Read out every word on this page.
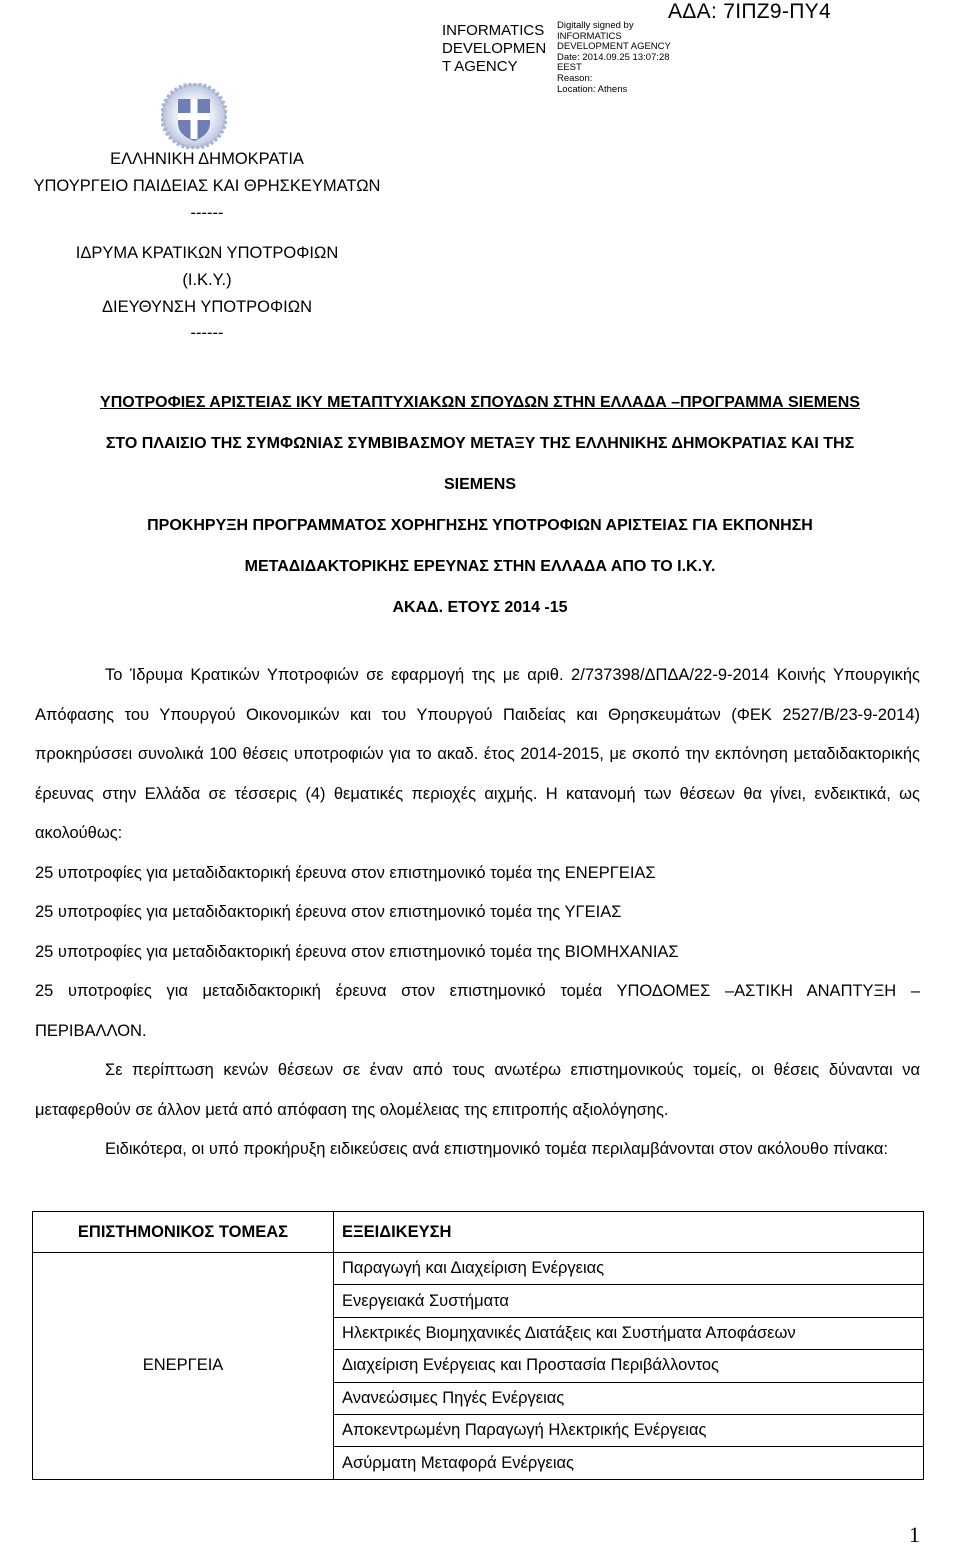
INFORMATICS
DEVELOPMEN
T AGENCY
Digitally signed by
INFORMATICS
DEVELOPMENT AGENCY
Date: 2014.09.25 13:07:28
EEST
Reason:
Location: Athens
ΑΔΑ: 7ΙΠΖ9-ΠΥ4
ΕΛΛΗΝΙΚΗ ΔΗΜΟΚΡΑΤΙΑ
ΥΠΟΥΡΓΕΙΟ ΠΑΙΔΕΙΑΣ ΚΑΙ ΘΡΗΣΚΕΥΜΑΤΩΝ
------
ΙΔΡΥΜΑ ΚΡΑΤΙΚΩΝ ΥΠΟΤΡΟΦΙΩΝ
(Ι.Κ.Υ.)
ΔΙΕΥΘΥΝΣΗ ΥΠΟΤΡΟΦΙΩΝ
------
ΥΠΟΤΡΟΦΙΕΣ ΑΡΙΣΤΕΙΑΣ ΙΚΥ ΜΕΤΑΠΤΥΧΙΑΚΩΝ ΣΠΟΥΔΩΝ ΣΤΗΝ ΕΛΛΑΔΑ –ΠΡΟΓΡΑΜΜΑ SIEMENS
ΣΤΟ ΠΛΑΙΣΙΟ ΤΗΣ ΣΥΜΦΩΝΙΑΣ ΣΥΜΒΙΒΑΣΜΟΥ ΜΕΤΑΞΥ ΤΗΣ ΕΛΛΗΝΙΚΗΣ ΔΗΜΟΚΡΑΤΙΑΣ ΚΑΙ ΤΗΣ
SIEMENS
ΠΡΟΚΗΡΥΞΗ ΠΡΟΓΡΑΜΜΑΤΟΣ ΧΟΡΗΓΗΣΗΣ ΥΠΟΤΡΟΦΙΩΝ ΑΡΙΣΤΕΙΑΣ ΓΙΑ ΕΚΠΟΝΗΣΗ
ΜΕΤΑΔΙΔΑΚΤΟΡΙΚΗΣ ΕΡΕΥΝΑΣ ΣΤΗΝ ΕΛΛΑΔΑ ΑΠΟ ΤΟ Ι.Κ.Υ.
ΑΚΑΔ. ΕΤΟΥΣ 2014 -15

Το Ίδρυμα Κρατικών Υποτροφιών σε εφαρμογή της με αριθ. 2/737398/ΔΠΔΑ/22-9-2014 Κοινής Υπουργικής Απόφασης του Υπουργού Οικονομικών και του Υπουργού Παιδείας και Θρησκευμάτων (ΦΕΚ 2527/Β/23-9-2014) προκηρύσσει συνολικά 100 θέσεις υποτροφιών για το ακαδ. έτος 2014-2015, με σκοπό την εκπόνηση μεταδιδακτορικής έρευνας στην Ελλάδα σε τέσσερις (4) θεματικές περιοχές αιχμής. Η κατανομή των θέσεων θα γίνει, ενδεικτικά, ως ακολούθως:

25 υποτροφίες για μεταδιδακτορική έρευνα στον επιστημονικό τομέα της ΕΝΕΡΓΕΙΑΣ

25 υποτροφίες για μεταδιδακτορική έρευνα στον επιστημονικό τομέα της ΥΓΕΙΑΣ

25 υποτροφίες για μεταδιδακτορική έρευνα στον επιστημονικό τομέα της ΒΙΟΜΗΧΑΝΙΑΣ

25 υποτροφίες για μεταδιδακτορική έρευνα στον επιστημονικό τομέα ΥΠΟΔΟΜΕΣ –ΑΣΤΙΚΗ ΑΝΑΠΤΥΞΗ – ΠΕΡΙΒΑΛΛΟΝ.

Σε περίπτωση κενών θέσεων σε έναν από τους ανωτέρω επιστημονικούς τομείς, οι θέσεις δύνανται να μεταφερθούν σε άλλον μετά από απόφαση της ολομέλειας της επιτροπής αξιολόγησης.

Ειδικότερα, οι υπό προκήρυξη ειδικεύσεις ανά επιστημονικό τομέα περιλαμβάνονται στον ακόλουθο πίνακα:

ΕΠΙΣΤΗΜΟΝΙΚΟΣ ΤΟΜΕΑΣ	ΕΞΕΙΔΙΚΕΥΣΗ
ΕΝΕΡΓΕΙΑ	Παραγωγή και Διαχείριση Ενέργειας
	Ενεργειακά Συστήματα
	Ηλεκτρικές Βιομηχανικές Διατάξεις και Συστήματα Αποφάσεων
	Διαχείριση Ενέργειας και Προστασία Περιβάλλοντος
	Ανανεώσιμες Πηγές Ενέργειας
	Αποκεντρωμένη Παραγωγή Ηλεκτρικής Ενέργειας
	Ασύρματη Μεταφορά Ενέργειας
1
